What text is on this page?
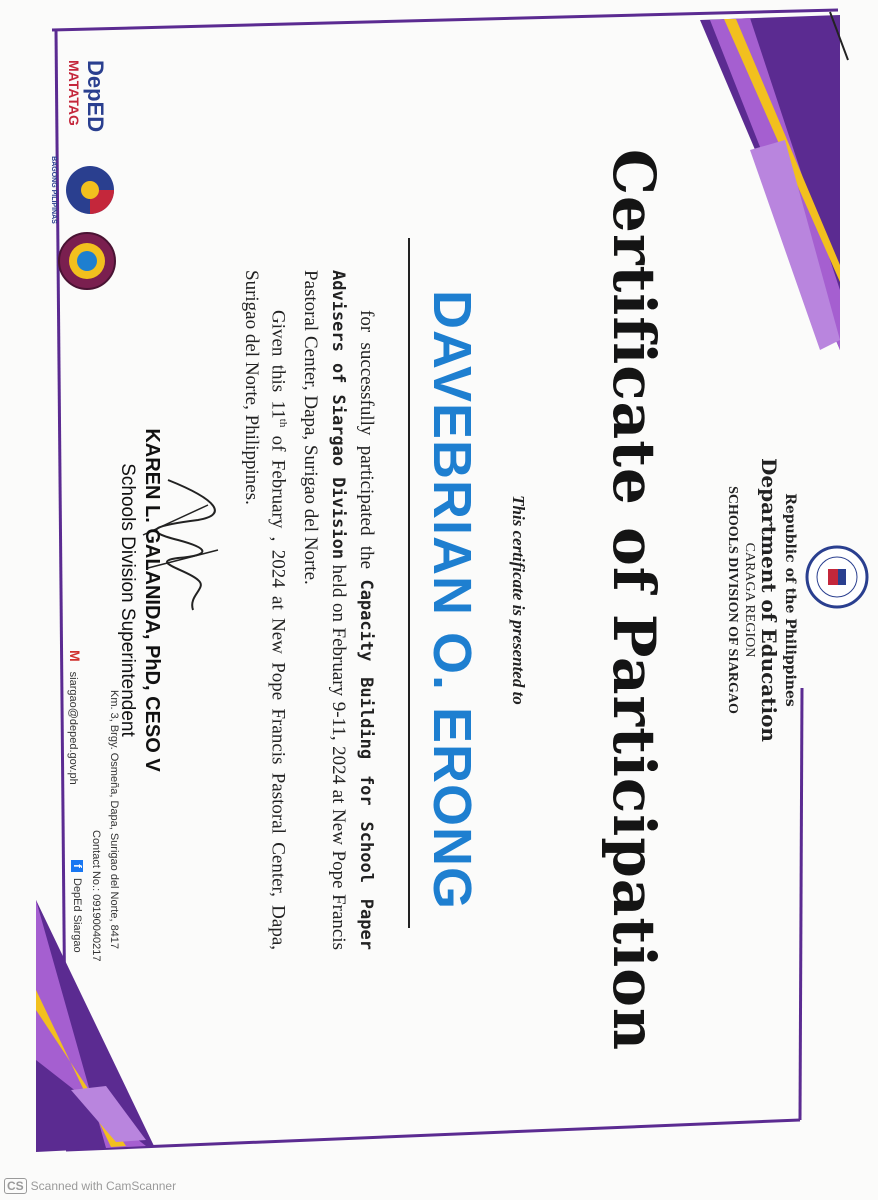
CS Scanned with CamScanner
Republic of the Philippines
Department of Education
CARAGA REGION
SCHOOLS DIVISION OF SIARGAO
Certificate of Participation
This certificate is presented to
DAVEBRIAN O. ERONG
for successfully participated the Capacity Building for School Paper Advisers of Siargao Division held on February 9-11, 2024 at New Pope Francis Pastoral Center, Dapa, Surigao del Norte.
Given this 11th of February , 2024 at New Pope Francis Pastoral Center, Dapa, Surigao del Norte, Philippines.
KAREN L. GALANIDA, PhD, CESO V
Schools Division Superintendent
Km. 3, Brgy. Osmeña, Dapa, Surigao del Norte, 8417
Contact No.: 09190040217
Msiargao@deped.gov.ph
fDepEd Siargao
DepED
MATATAG
BAGONG PILIPINAS
